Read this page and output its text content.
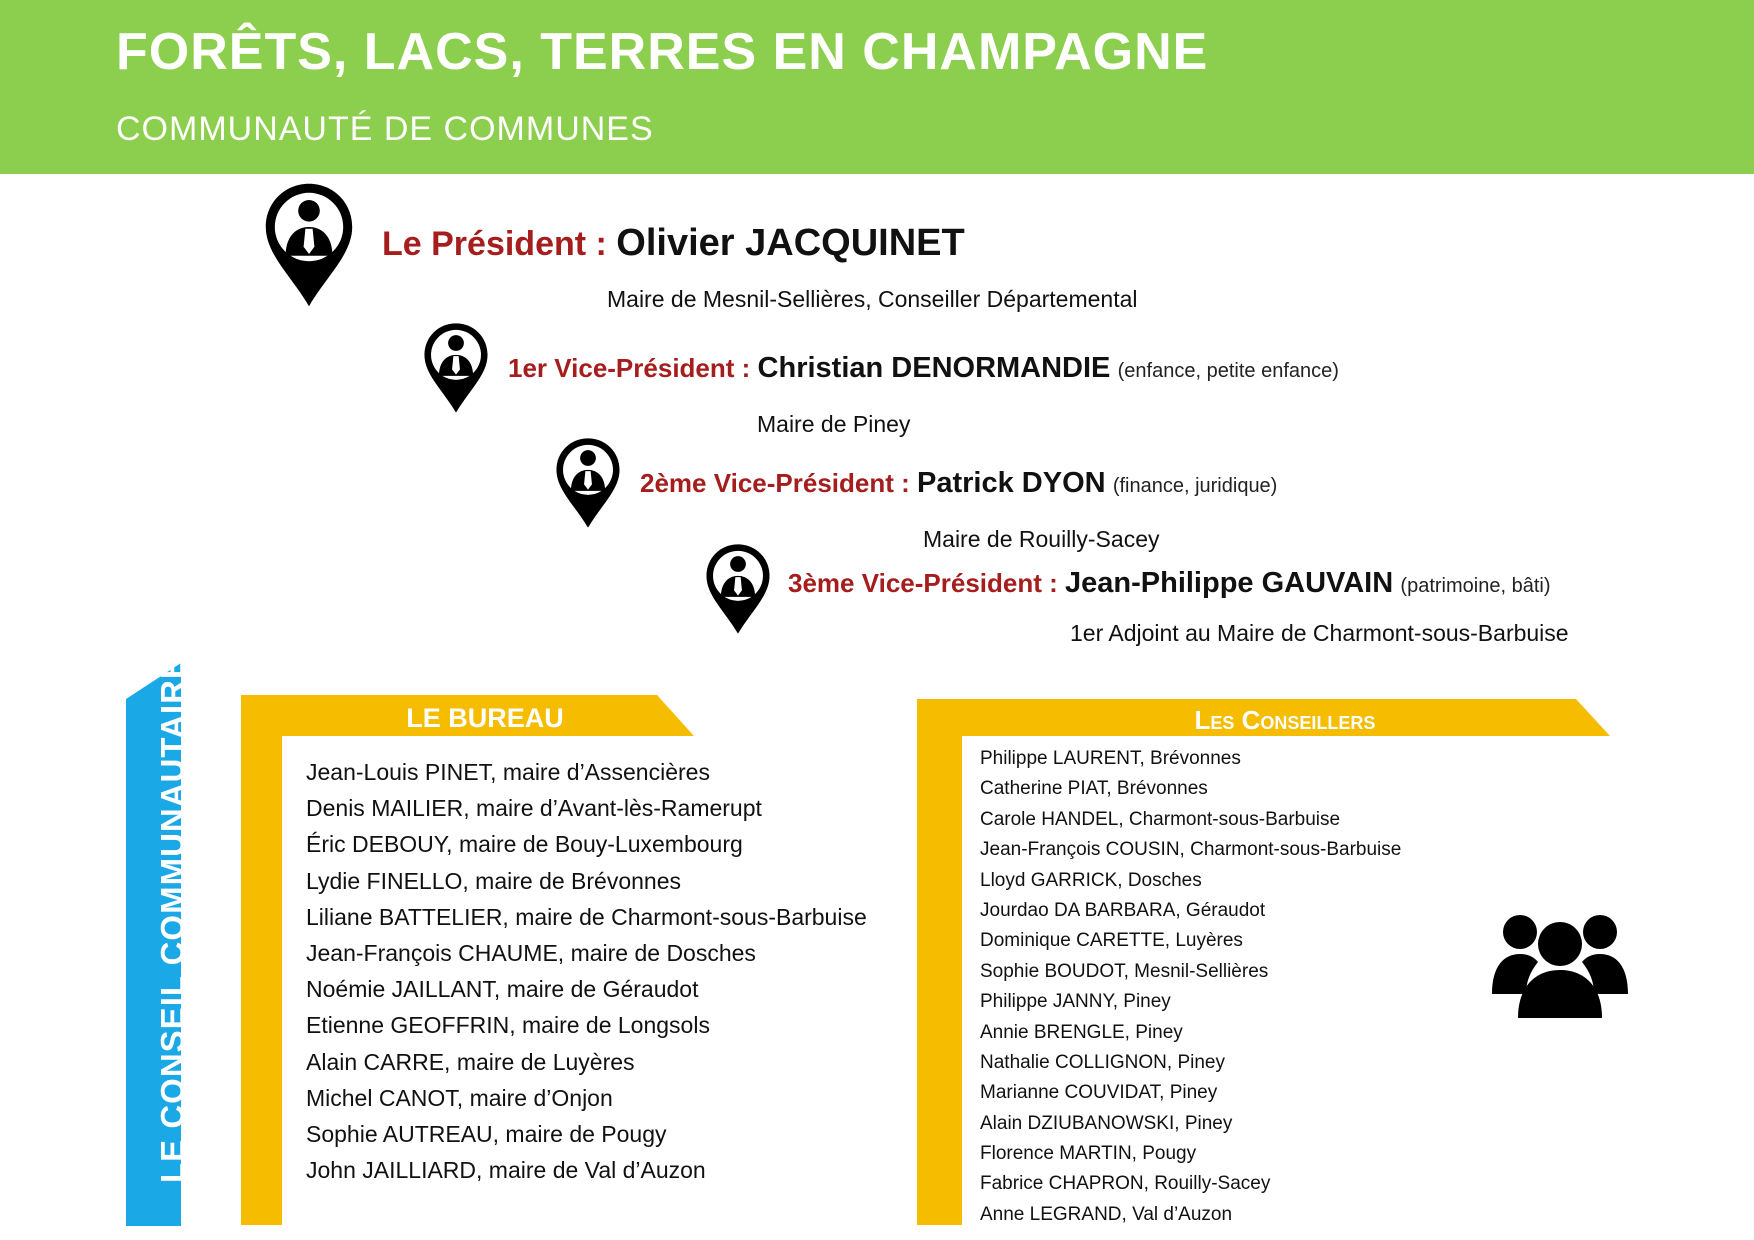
FORÊTS, LACS, TERRES EN CHAMPAGNE
COMMUNAUTÉ DE COMMUNES
Le Président : Olivier JACQUINET
Maire de Mesnil-Sellières, Conseiller Départemental
1er Vice-Président : Christian DENORMANDIE (enfance, petite enfance)
Maire de Piney
2ème Vice-Président : Patrick DYON (finance, juridique)
Maire de Rouilly-Sacey
3ème Vice-Président : Jean-Philippe GAUVAIN (patrimoine, bâti)
1er Adjoint au Maire de Charmont-sous-Barbuise
LE CONSEIL COMMUNAUTAIRE	LE BUREAU
Jean-Louis PINET, maire d’Assencières
Denis MAILIER, maire d’Avant-lès-Ramerupt
Éric DEBOUY, maire de Bouy-Luxembourg
Lydie FINELLO, maire de Brévonnes
Liliane BATTELIER, maire de Charmont-sous-Barbuise
Jean-François CHAUME, maire de Dosches
Noémie JAILLANT, maire de Géraudot
Etienne GEOFFRIN, maire de Longsols
Alain CARRE, maire de Luyères
Michel CANOT, maire d’Onjon
Sophie AUTREAU, maire de Pougy
John JAILLIARD, maire de Val d’Auzon
Les Conseillers
Philippe LAURENT, Brévonnes
Catherine PIAT, Brévonnes
Carole HANDEL, Charmont-sous-Barbuise
Jean-François COUSIN, Charmont-sous-Barbuise
Lloyd GARRICK, Dosches
Jourdao DA BARBARA, Géraudot
Dominique CARETTE, Luyères
Sophie BOUDOT, Mesnil-Sellières
Philippe JANNY, Piney
Annie BRENGLE, Piney
Nathalie COLLIGNON, Piney
Marianne COUVIDAT, Piney
Alain DZIUBANOWSKI, Piney
Florence MARTIN, Pougy
Fabrice CHAPRON, Rouilly-Sacey
Anne LEGRAND, Val d’Auzon
